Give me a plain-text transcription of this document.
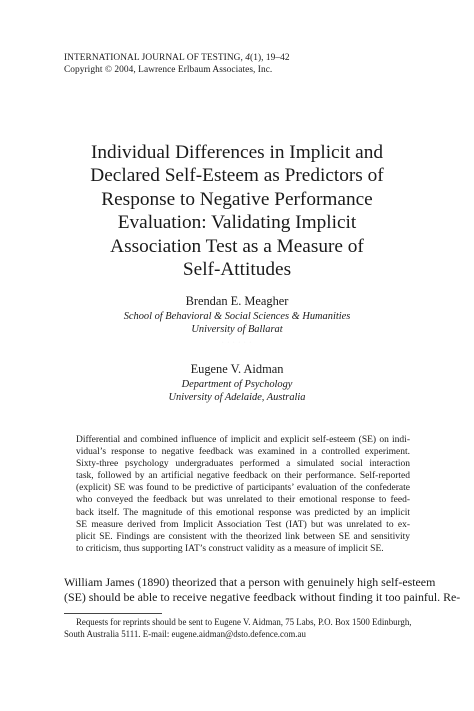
INTERNATIONAL JOURNAL OF TESTING, 4(1), 19–42
Copyright © 2004, Lawrence Erlbaum Associates, Inc.
Individual Differences in Implicit and
Declared Self-Esteem as Predictors of
Response to Negative Performance
Evaluation: Validating Implicit
Association Test as a Measure of
Self-Attitudes
Brendan E. Meagher
School of Behavioral & Social Sciences & Humanities
University of Ballarat
· · · · · ·
Eugene V. Aidman
Department of Psychology
University of Adelaide, Australia
Differential and combined influence of implicit and explicit self-esteem (SE) on indi-
vidual’s response to negative feedback was examined in a controlled experiment.
Sixty-three psychology undergraduates performed a simulated social interaction
task, followed by an artificial negative feedback on their performance. Self-reported
(explicit) SE was found to be predictive of participants’ evaluation of the confederate
who conveyed the feedback but was unrelated to their emotional response to feed-
back itself. The magnitude of this emotional response was predicted by an implicit
SE measure derived from Implicit Association Test (IAT) but was unrelated to ex-
plicit SE. Findings are consistent with the theorized link between SE and sensitivity
to criticism, thus supporting IAT’s construct validity as a measure of implicit SE.
William James (1890) theorized that a person with genuinely high self-esteem
(SE) should be able to receive negative feedback without finding it too painful. Re-
Requests for reprints should be sent to Eugene V. Aidman, 75 Labs, P.O. Box 1500 Edinburgh,
South Australia 5111. E-mail: eugene.aidman@dsto.defence.com.au
